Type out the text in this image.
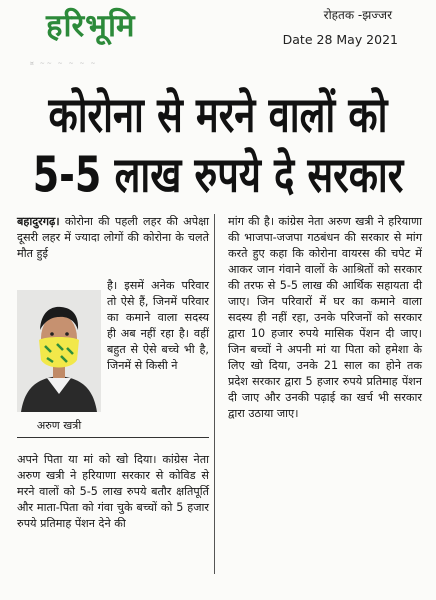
हरिभूमि	रोहतक -झज्जर
Date 28 May 2021
¤ ~~ ~ ~ ~ ~
कोरोना से मरने वालों को
5-5 लाख रुपये दे सरकार
बहादुरगढ़। कोरोना की पहली लहर की अपेक्षा दूसरी लहर में ज्यादा लोगों की कोरोना के चलते मौत हुई
है। इसमें अनेक परिवार तो ऐसे हैं, जिनमें परिवार का कमाने वाला सदस्य ही अब नहीं रहा है। वहीं बहुत से ऐसे बच्चे भी है, जिनमें से किसी ने
अरुण खत्री
अपने पिता या मां को खो दिया। कांग्रेस नेता अरुण खत्री ने हरियाणा सरकार से कोविड से मरने वालों को 5-5 लाख रुपये बतौर क्षतिपूर्ति और माता-पिता को गंवा चुके बच्चों को 5 हजार रुपये प्रतिमाह पेंशन देने की
मांग की है। कांग्रेस नेता अरुण खत्री ने हरियाणा की भाजपा-जजपा गठबंधन की सरकार से मांग करते हुए कहा कि कोरोना वायरस की चपेट में आकर जान गंवाने वालों के आश्रितों को सरकार की तरफ से 5-5 लाख की आर्थिक सहायता दी जाए। जिन परिवारों में घर का कमाने वाला सदस्य ही नहीं रहा, उनके परिजनों को सरकार द्वारा 10 हजार रुपये मासिक पेंशन दी जाए। जिन बच्चों ने अपनी मां या पिता को हमेशा के लिए खो दिया, उनके 21 साल का होने तक प्रदेश सरकार द्वारा 5 हजार रुपये प्रतिमाह पेंशन दी जाए और उनकी पढ़ाई का खर्च भी सरकार द्वारा उठाया जाए।
